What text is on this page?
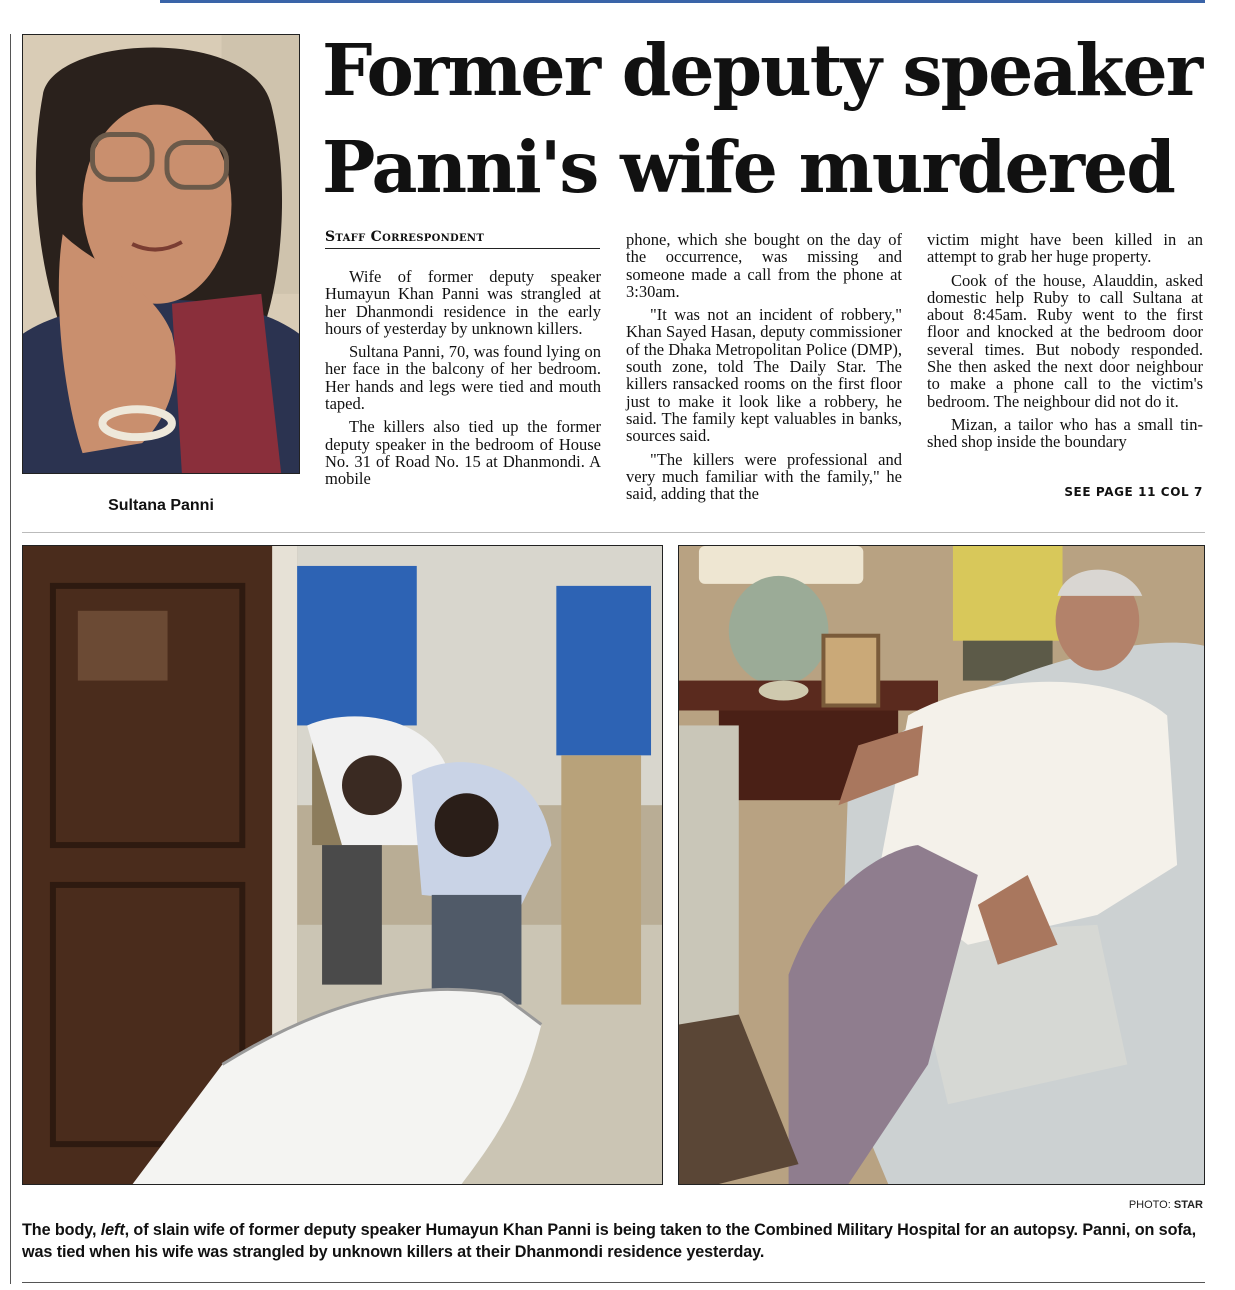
Sultana Panni
Former deputy speaker
Panni's wife murdered
Staff Correspondent

Wife of former deputy speaker Humayun Khan Panni was strangled at her Dhanmondi residence in the early hours of yesterday by unknown killers.

Sultana Panni, 70, was found lying on her face in the balcony of her bedroom. Her hands and legs were tied and mouth taped.

The killers also tied up the former deputy speaker in the bedroom of House No. 31 of Road No. 15 at Dhanmondi. A mobile

phone, which she bought on the day of the occurrence, was missing and someone made a call from the phone at 3:30am.

"It was not an incident of robbery," Khan Sayed Hasan, deputy commissioner of the Dhaka Metropolitan Police (DMP), south zone, told The Daily Star. The killers ransacked rooms on the first floor just to make it look like a robbery, he said. The family kept valuables in banks, sources said.

"The killers were professional and very much familiar with the family," he said, adding that the

victim might have been killed in an attempt to grab her huge property.

Cook of the house, Alauddin, asked domestic help Ruby to call Sultana at about 8:45am. Ruby went to the first floor and knocked at the bedroom door several times. But nobody responded. She then asked the next door neighbour to make a phone call to the victim's bedroom. The neighbour did not do it.

Mizan, a tailor who has a small tin-shed shop inside the boundary

SEE PAGE 11 COL 7
PHOTO: STAR

The body, left, of slain wife of former deputy speaker Humayun Khan Panni is being taken to the Combined Military Hospital for an autopsy. Panni, on sofa, was tied when his wife was strangled by unknown killers at their Dhanmondi residence yesterday.
